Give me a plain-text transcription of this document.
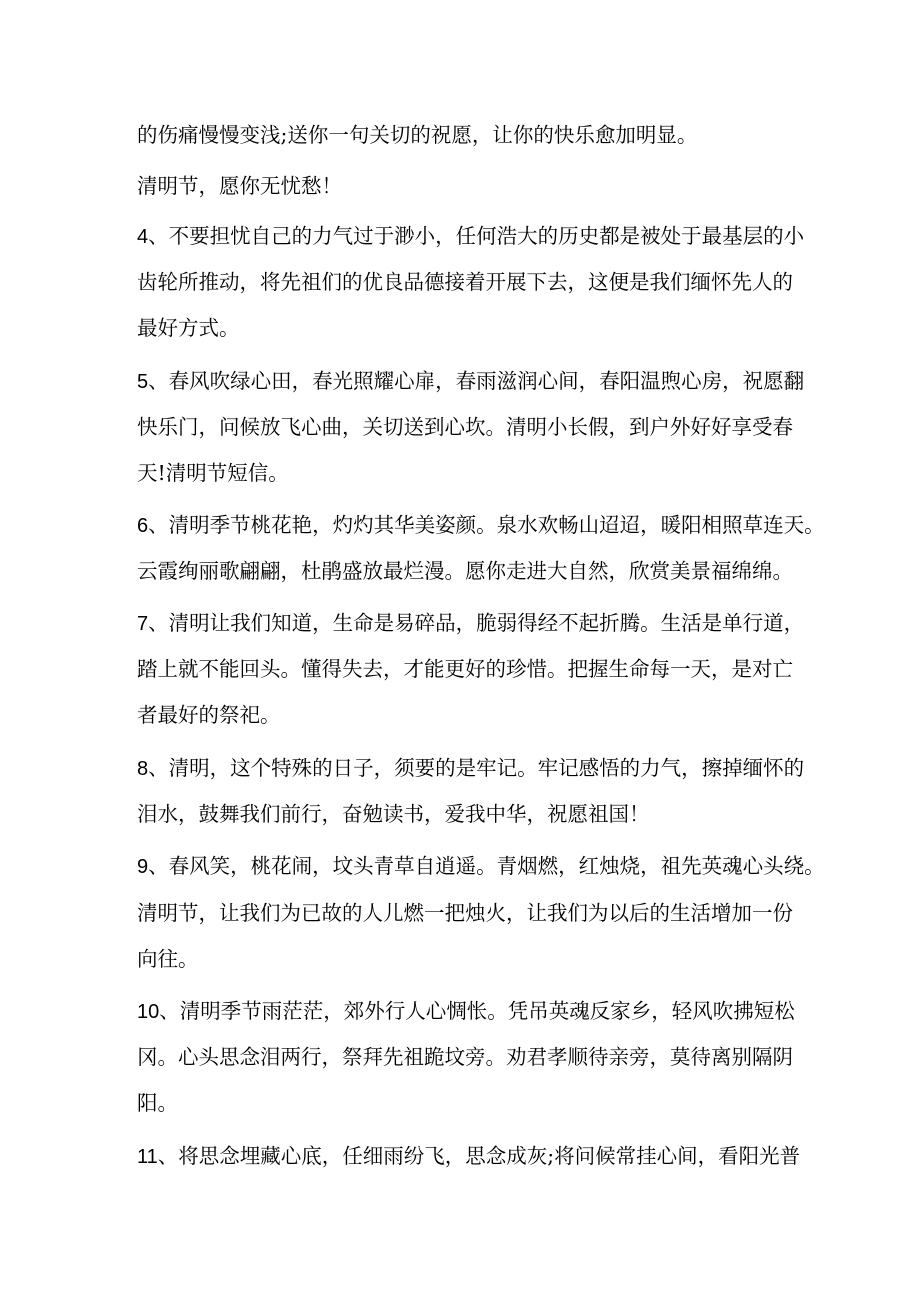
的伤痛慢慢变浅;送你一句关切的祝愿，让你的快乐愈加明显。
清明节，愿你无忧愁！
4、不要担忧自己的力气过于渺小，任何浩大的历史都是被处于最基层的小
齿轮所推动，将先祖们的优良品德接着开展下去，这便是我们缅怀先人的
最好方式。
5、春风吹绿心田，春光照耀心扉，春雨滋润心间，春阳温煦心房，祝愿翻
快乐门，问候放飞心曲，关切送到心坎。清明小长假，到户外好好享受春
天!清明节短信。
6、清明季节桃花艳，灼灼其华美姿颜。泉水欢畅山迢迢，暖阳相照草连天。
云霞绚丽歌翩翩，杜鹃盛放最烂漫。愿你走进大自然，欣赏美景福绵绵。
7、清明让我们知道，生命是易碎品，脆弱得经不起折腾。生活是单行道，
踏上就不能回头。懂得失去，才能更好的珍惜。把握生命每一天，是对亡
者最好的祭祀。
8、清明，这个特殊的日子，须要的是牢记。牢记感悟的力气，擦掉缅怀的
泪水，鼓舞我们前行，奋勉读书，爱我中华，祝愿祖国！
9、春风笑，桃花闹，坟头青草自逍遥。青烟燃，红烛烧，祖先英魂心头绕。
清明节，让我们为已故的人儿燃一把烛火，让我们为以后的生活增加一份
向往。
10、清明季节雨茫茫，郊外行人心惆怅。凭吊英魂反家乡，轻风吹拂短松
冈。心头思念泪两行，祭拜先祖跪坟旁。劝君孝顺待亲旁，莫待离别隔阴
阳。
11、将思念埋藏心底，任细雨纷飞，思念成灰;将问候常挂心间，看阳光普
